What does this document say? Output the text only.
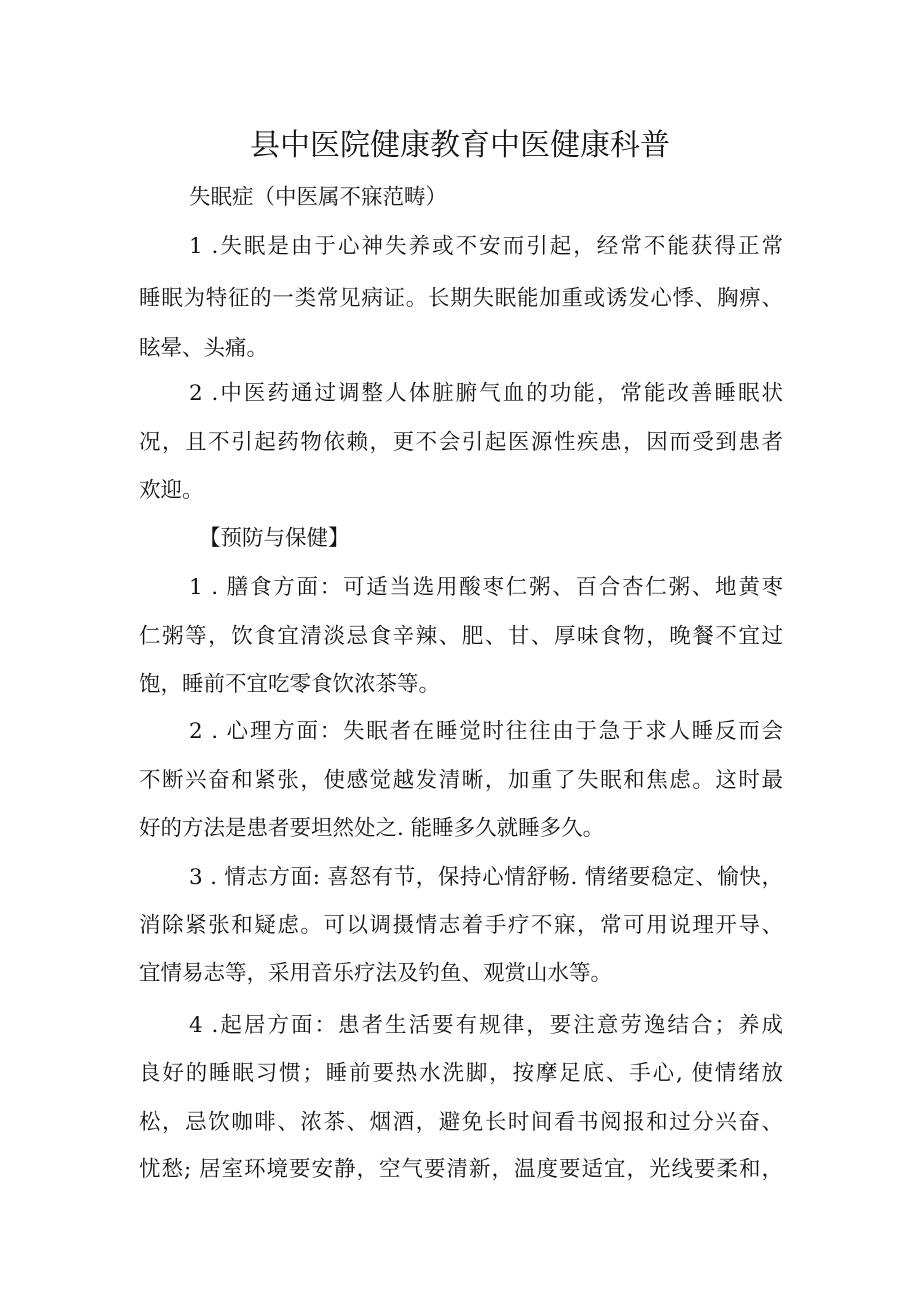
县中医院健康教育中医健康科普
失眠症（中医属不寐范畴）
1 .失眠是由于心神失养或不安而引起，经常不能获得正常
睡眠为特征的一类常见病证。长期失眠能加重或诱发心悸、胸痹、
眩晕、头痛。
2 .中医药通过调整人体脏腑气血的功能，常能改善睡眠状
况，且不引起药物依赖，更不会引起医源性疾患，因而受到患者
欢迎。
【预防与保健】
1 . 膳食方面：可适当选用酸枣仁粥、百合杏仁粥、地黄枣
仁粥等，饮食宜清淡忌食辛辣、肥、甘、厚味食物，晚餐不宜过
饱，睡前不宜吃零食饮浓茶等。
2 . 心理方面：失眠者在睡觉时往往由于急于求人睡反而会
不断兴奋和紧张，使感觉越发清晰，加重了失眠和焦虑。这时最
好的方法是患者要坦然处之. 能睡多久就睡多久。
3 . 情志方面: 喜怒有节，保持心情舒畅. 情绪要稳定、愉快，
消除紧张和疑虑。可以调摄情志着手疗不寐，常可用说理开导、
宜情易志等，采用音乐疗法及钓鱼、观赏山水等。
4 .起居方面：患者生活要有规律，要注意劳逸结合；养成
良好的睡眠习惯；睡前要热水洗脚，按摩足底、手心, 使情绪放
松，忌饮咖啡、浓茶、烟酒，避免长时间看书阅报和过分兴奋、
忧愁; 居室环境要安静，空气要清新，温度要适宜，光线要柔和，
